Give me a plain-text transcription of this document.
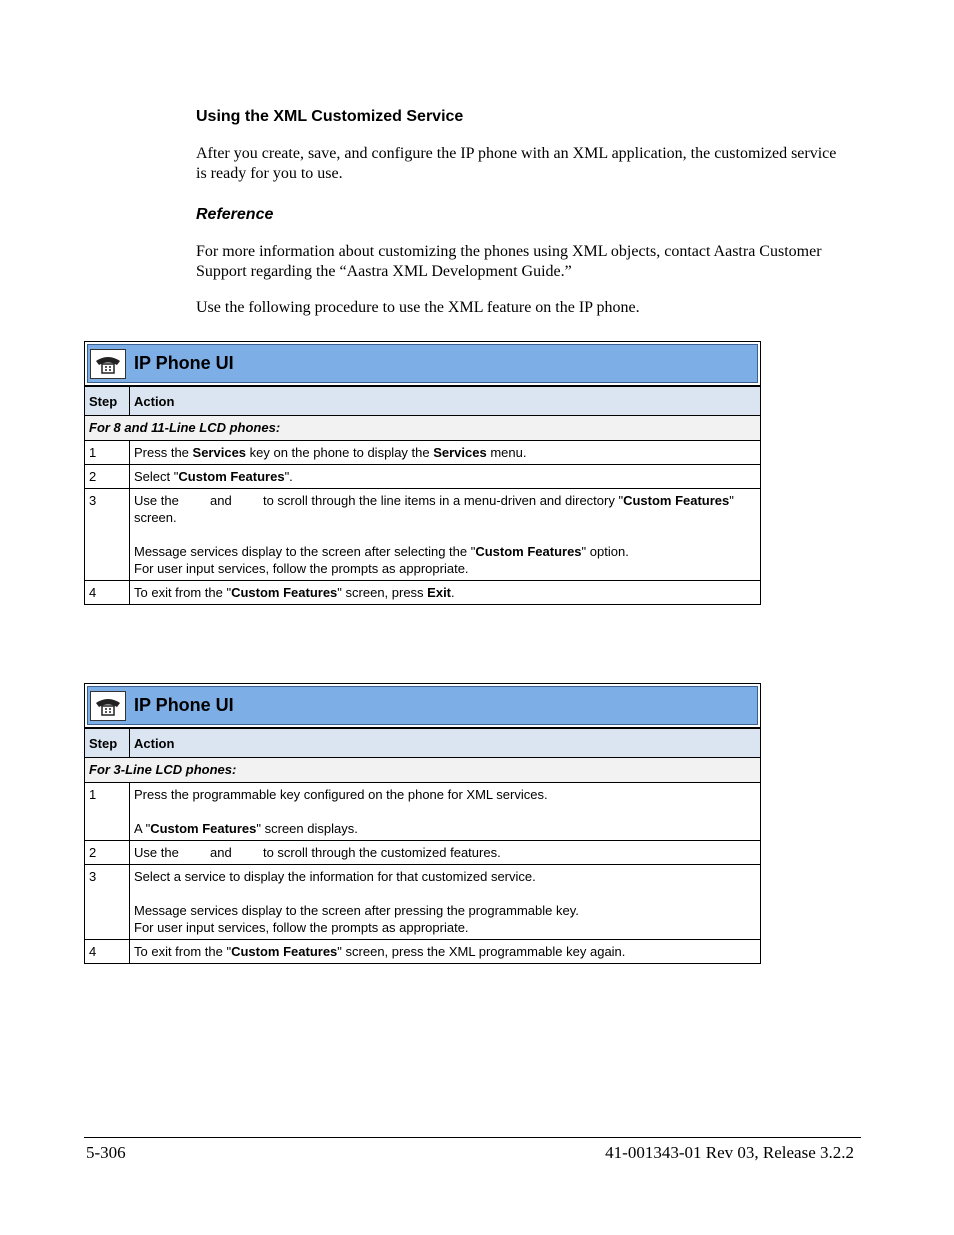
Using the XML Customized Service
After you create, save, and configure the IP phone with an XML application, the customized service is ready for you to use.
Reference
For more information about customizing the phones using XML objects, contact Aastra Customer Support regarding the “Aastra XML Development Guide.”
Use the following procedure to use the XML feature on the IP phone.
IP Phone UI
Step	Action
For 8 and 11-Line LCD phones:	
1	Press the Services key on the phone to display the Services menu.
2	Select "Custom Features".
3	Use the  and  to scroll through the line items in a menu-driven and directory "Custom Features" screen.
Message services display to the screen after selecting the "Custom Features" option.
For user input services, follow the prompts as appropriate.
4	To exit from the "Custom Features" screen, press Exit.
IP Phone UI
Step	Action
For 3-Line LCD phones:	
1	Press the programmable key configured on the phone for XML services.
A "Custom Features" screen displays.
2	Use the  and  to scroll through the customized features.
3	Select a service to display the information for that customized service.
Message services display to the screen after pressing the programmable key.
For user input services, follow the prompts as appropriate.
4	To exit from the "Custom Features" screen, press the XML programmable key again.
5-306	41-001343-01 Rev 03, Release 3.2.2
